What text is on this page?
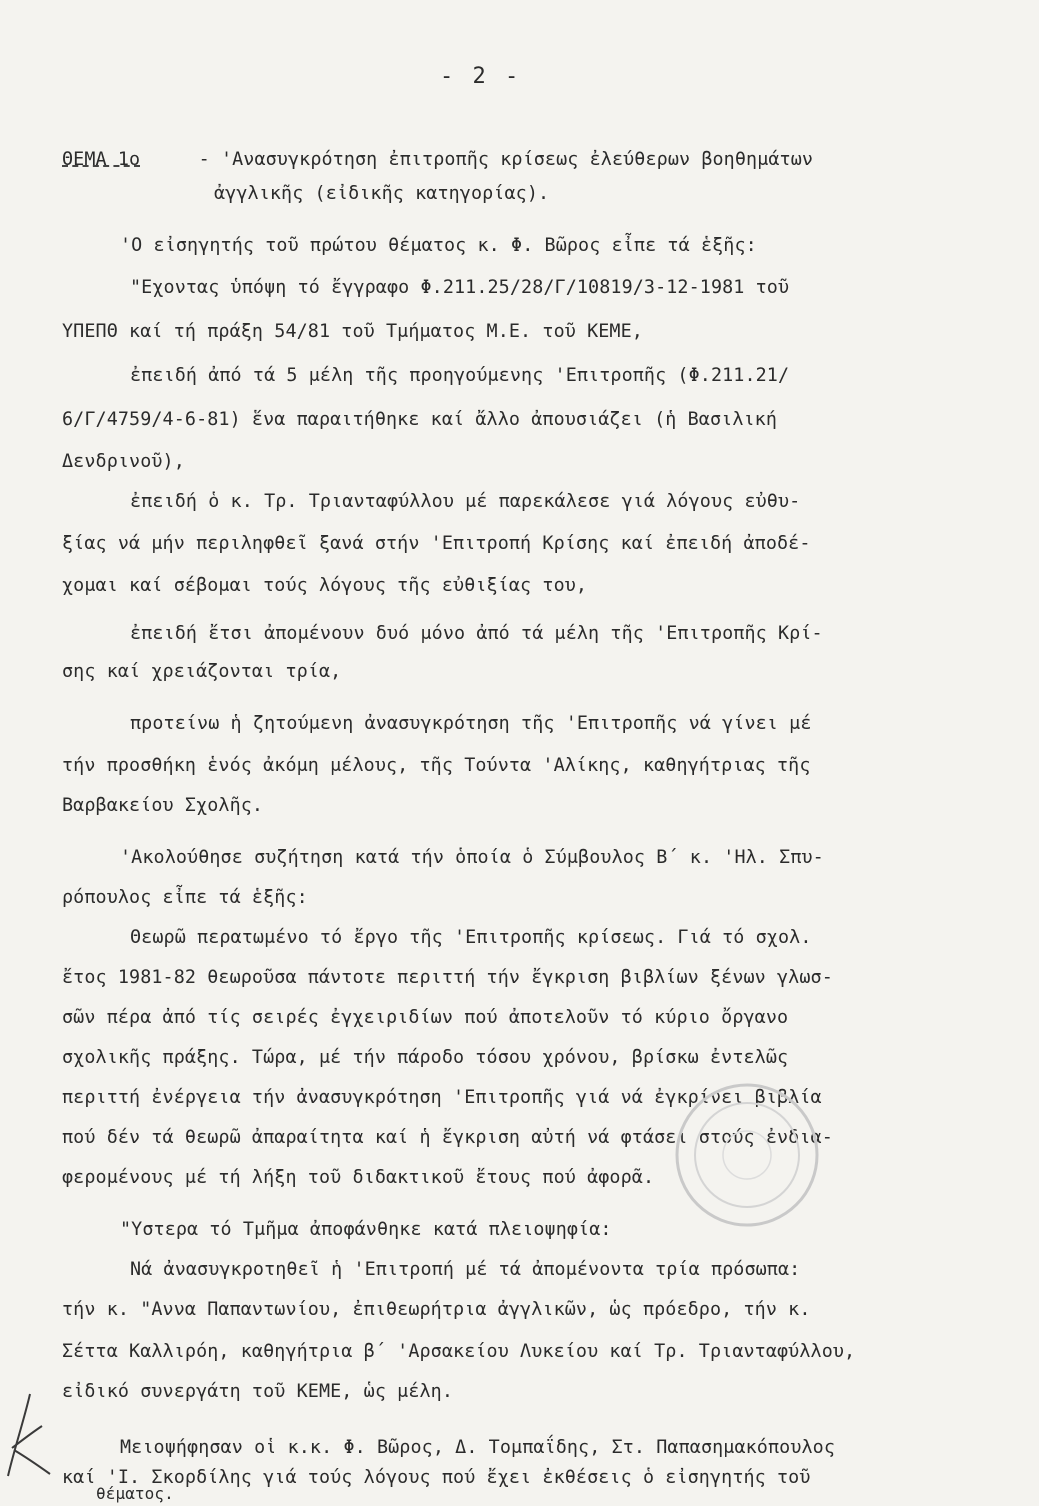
- 2 -
ΘΕΜΑ 1ο	- 'Ανασυγκρότηση ἐπιτροπῆς κρίσεως ἐλεύθερων βοηθημάτων
ἀγγλικῆς (εἰδικῆς κατηγορίας).
'Ο εἰσηγητής τοῦ πρώτου θέματος κ. Φ. Βῶρος εἶπε τά ἑξῆς:
"Εχοντας ὑπόψη τό ἔγγραφο Φ.211.25/28/Γ/10819/3-12-1981 τοῦ
ΥΠΕΠΘ καί τή πράξη 54/81 τοῦ Τμήματος Μ.Ε. τοῦ ΚΕΜΕ,
ἐπειδή ἀπό τά 5 μέλη τῆς προηγούμενης 'Επιτροπῆς (Φ.211.21/
6/Γ/4759/4-6-81) ἕνα παραιτήθηκε καί ἄλλο ἀπουσιάζει (ἡ Βασιλική
Δενδρινοῦ),
ἐπειδή ὁ κ. Τρ. Τριανταφύλλου μέ παρεκάλεσε γιά λόγους εὐθυ-
ξίας νά μήν περιληφθεῖ ξανά στήν 'Επιτροπή Κρίσης καί ἐπειδή ἀποδέ-
χομαι καί σέβομαι τούς λόγους τῆς εὐθιξίας του,
ἐπειδή ἔτσι ἀπομένουν δυό μόνο ἀπό τά μέλη τῆς 'Επιτροπῆς Κρί-
σης καί χρειάζονται τρία,
προτείνω ἡ ζητούμενη ἀνασυγκρότηση τῆς 'Επιτροπῆς νά γίνει μέ
τήν προσθήκη ἑνός ἀκόμη μέλους, τῆς Τούντα 'Αλίκης, καθηγήτριας τῆς
Βαρβακείου Σχολῆς.
'Ακολούθησε συζήτηση κατά τήν ὁποία ὁ Σύμβουλος Β΄ κ. 'Ηλ. Σπυ-
ρόπουλος εἶπε τά ἑξῆς:
Θεωρῶ περατωμένο τό ἔργο τῆς 'Επιτροπῆς κρίσεως. Γιά τό σχολ.
ἔτος 1981-82 θεωροῦσα πάντοτε περιττή τήν ἔγκριση βιβλίων ξένων γλωσ-
σῶν πέρα ἀπό τίς σειρές ἐγχειριδίων πού ἀποτελοῦν τό κύριο ὄργανο
σχολικῆς πράξης. Τώρα, μέ τήν πάροδο τόσου χρόνου, βρίσκω ἐντελῶς
περιττή ἐνέργεια τήν ἀνασυγκρότηση 'Επιτροπῆς γιά νά ἐγκρίνει βιβλία
πού δέν τά θεωρῶ ἀπαραίτητα καί ἡ ἔγκριση αὐτή νά φτάσει στούς ἐνδια-
φερομένους μέ τή λήξη τοῦ διδακτικοῦ ἔτους πού ἀφορᾶ.
"Υστερα τό Τμῆμα ἀποφάνθηκε κατά πλειοψηφία:
Νά ἀνασυγκροτηθεῖ ἡ 'Επιτροπή μέ τά ἀπομένοντα τρία πρόσωπα:
τήν κ. "Αννα Παπαντωνίου, ἐπιθεωρήτρια ἀγγλικῶν, ὡς πρόεδρο, τήν κ.
Σέττα Καλλιρόη, καθηγήτρια β΄ 'Αρσακείου Λυκείου καί Τρ. Τριανταφύλλου,
εἰδικό συνεργάτη τοῦ ΚΕΜΕ, ὡς μέλη.
Μειοψήφησαν οἱ κ.κ. Φ. Βῶρος, Δ. Τομπαΐδης, Στ. Παπασημακόπουλος
καί 'Ι. Σκορδίλης γιά τούς λόγους πού ἔχει ἐκθέσεις ὁ εἰσηγητής τοῦ
θέματος.
